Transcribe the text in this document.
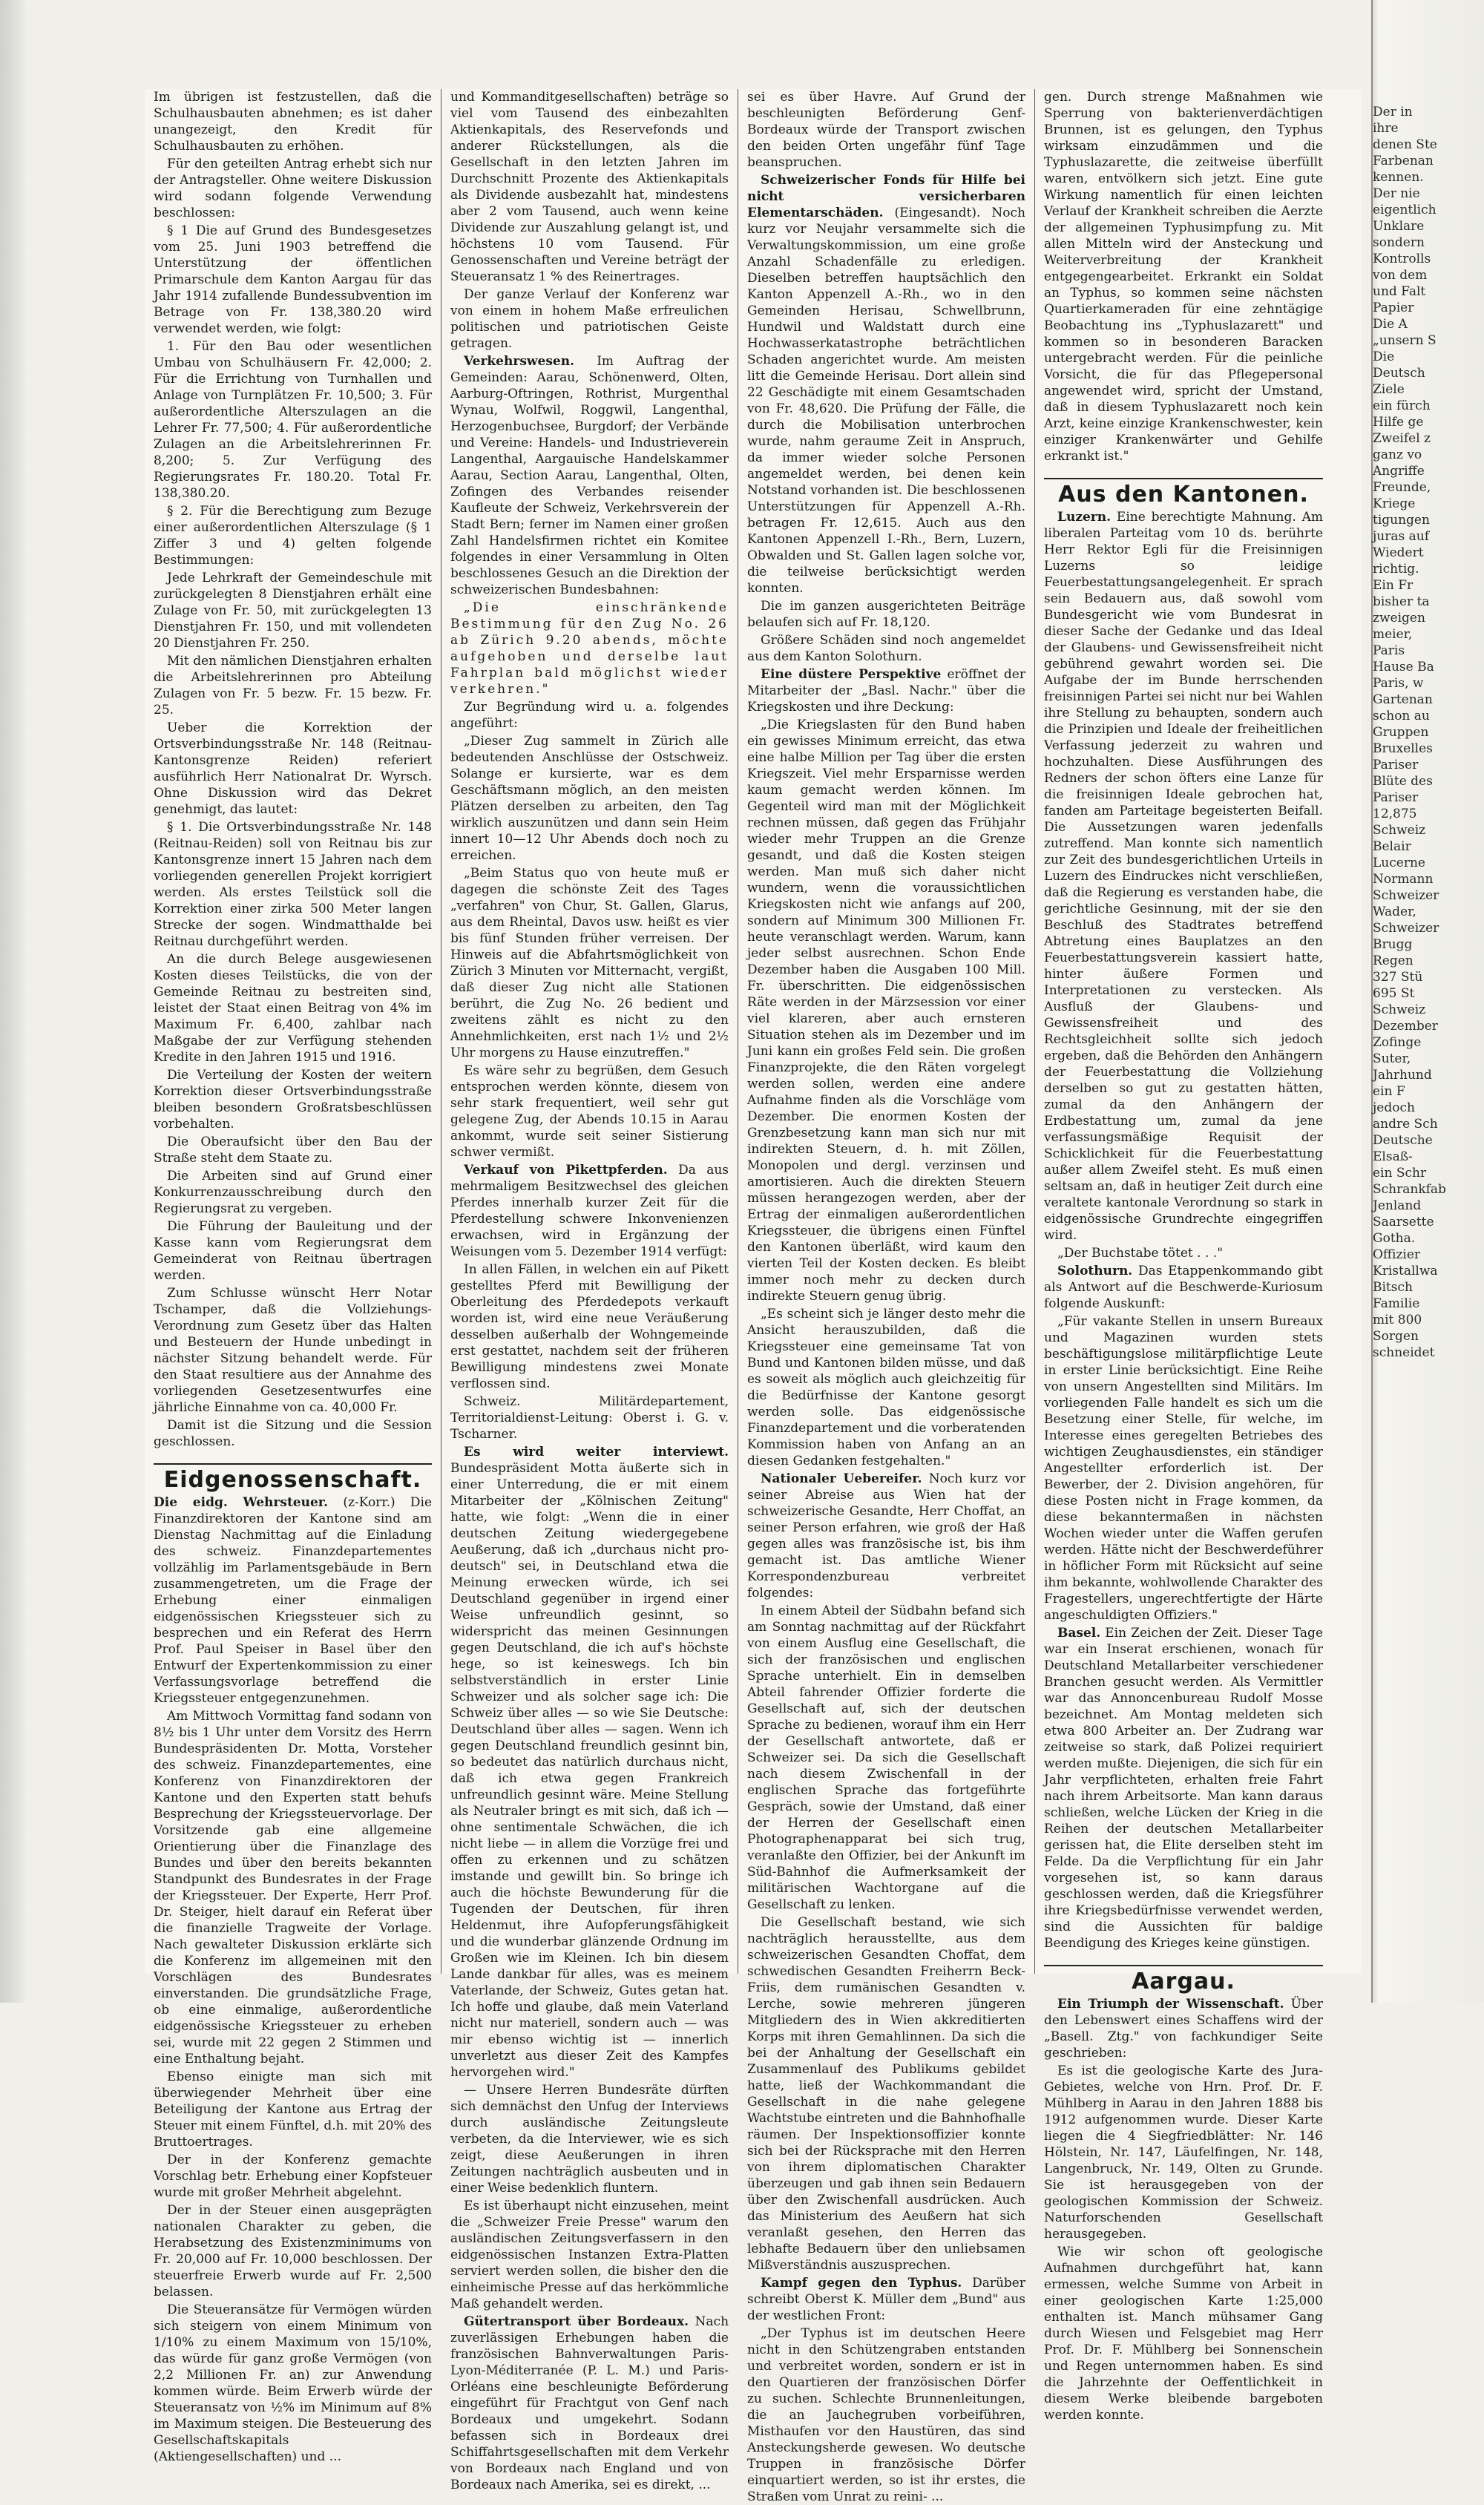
Im übrigen ist festzustellen, daß die Schulhausbauten abnehmen; es ist daher unangezeigt, den Kredit für Schulhausbauten zu erhöhen.

Für den geteilten Antrag erhebt sich nur der Antragsteller. Ohne weitere Diskussion wird sodann folgende Verwendung beschlossen:

§ 1 Die auf Grund des Bundesgesetzes vom 25. Juni 1903 betreffend die Unterstützung der öffentlichen Primarschule dem Kanton Aargau für das Jahr 1914 zufallende Bundessubvention im Betrage von Fr. 138,380.20 wird verwendet werden, wie folgt:

1. Für den Bau oder wesentlichen Umbau von Schulhäusern Fr. 42,000; 2. Für die Errichtung von Turnhallen und Anlage von Turnplätzen Fr. 10,500; 3. Für außerordentliche Alterszulagen an die Lehrer Fr. 77,500; 4. Für außerordentliche Zulagen an die Arbeitslehrerinnen Fr. 8,200; 5. Zur Verfügung des Regierungsrates Fr. 180.20. Total Fr. 138,380.20.

§ 2. Für die Berechtigung zum Bezuge einer außerordentlichen Alterszulage (§ 1 Ziffer 3 und 4) gelten folgende Bestimmungen:

Jede Lehrkraft der Gemeindeschule mit zurückgelegten 8 Dienstjahren erhält eine Zulage von Fr. 50, mit zurückgelegten 13 Dienstjahren Fr. 150, und mit vollendeten 20 Dienstjahren Fr. 250.

Mit den nämlichen Dienstjahren erhalten die Arbeitslehrerinnen pro Abteilung Zulagen von Fr. 5 bezw. Fr. 15 bezw. Fr. 25.

Ueber die Korrektion der Ortsverbindungsstraße Nr. 148 (Reitnau-Kantonsgrenze Reiden) referiert ausführlich Herr Nationalrat Dr. Wyrsch. Ohne Diskussion wird das Dekret genehmigt, das lautet:

§ 1. Die Ortsverbindungsstraße Nr. 148 (Reitnau-Reiden) soll von Reitnau bis zur Kantonsgrenze innert 15 Jahren nach dem vorliegenden generellen Projekt korrigiert werden. Als erstes Teilstück soll die Korrektion einer zirka 500 Meter langen Strecke der sogen. Windmatthalde bei Reitnau durchgeführt werden.

An die durch Belege ausgewiesenen Kosten dieses Teilstücks, die von der Gemeinde Reitnau zu bestreiten sind, leistet der Staat einen Beitrag von 4% im Maximum Fr. 6,400, zahlbar nach Maßgabe der zur Verfügung stehenden Kredite in den Jahren 1915 und 1916.

Die Verteilung der Kosten der weitern Korrektion dieser Ortsverbindungsstraße bleiben besondern Großratsbeschlüssen vorbehalten.

Die Oberaufsicht über den Bau der Straße steht dem Staate zu.

Die Arbeiten sind auf Grund einer Konkurrenzausschreibung durch den Regierungsrat zu vergeben.

Die Führung der Bauleitung und der Kasse kann vom Regierungsrat dem Gemeinderat von Reitnau übertragen werden.

Zum Schlusse wünscht Herr Notar Tschamper, daß die Vollziehungs-Verordnung zum Gesetz über das Halten und Besteuern der Hunde unbedingt in nächster Sitzung behandelt werde. Für den Staat resultiere aus der Annahme des vorliegenden Gesetzesentwurfes eine jährliche Einnahme von ca. 40,000 Fr.

Damit ist die Sitzung und die Session geschlossen.

Eidgenossenschaft.

Die eidg. Wehrsteuer. (z-Korr.) Die Finanzdirektoren der Kantone sind am Dienstag Nachmittag auf die Einladung des schweiz. Finanzdepartementes vollzählig im Parlamentsgebäude in Bern zusammengetreten, um die Frage der Erhebung einer einmaligen eidgenössischen Kriegssteuer sich zu besprechen und ein Referat des Herrn Prof. Paul Speiser in Basel über den Entwurf der Expertenkommission zu einer Verfassungsvorlage betreffend die Kriegssteuer entgegenzunehmen.

Am Mittwoch Vormittag fand sodann von 8½ bis 1 Uhr unter dem Vorsitz des Herrn Bundespräsidenten Dr. Motta, Vorsteher des schweiz. Finanzdepartementes, eine Konferenz von Finanzdirektoren der Kantone und den Experten statt behufs Besprechung der Kriegssteuervorlage. Der Vorsitzende gab eine allgemeine Orientierung über die Finanzlage des Bundes und über den bereits bekannten Standpunkt des Bundesrates in der Frage der Kriegssteuer. Der Experte, Herr Prof. Dr. Steiger, hielt darauf ein Referat über die finanzielle Tragweite der Vorlage. Nach gewalteter Diskussion erklärte sich die Konferenz im allgemeinen mit den Vorschlägen des Bundesrates einverstanden. Die grundsätzliche Frage, ob eine einmalige, außerordentliche eidgenössische Kriegssteuer zu erheben sei, wurde mit 22 gegen 2 Stimmen und eine Enthaltung bejaht.

Ebenso einigte man sich mit überwiegender Mehrheit über eine Beteiligung der Kantone aus Ertrag der Steuer mit einem Fünftel, d.h. mit 20% des Bruttoertrages.

Der in der Konferenz gemachte Vorschlag betr. Erhebung einer Kopfsteuer wurde mit großer Mehrheit abgelehnt.

Der in der Steuer einen ausgeprägten nationalen Charakter zu geben, die Herabsetzung des Existenzminimums von Fr. 20,000 auf Fr. 10,000 beschlossen. Der steuerfreie Erwerb wurde auf Fr. 2,500 belassen.

Die Steueransätze für Vermögen würden sich steigern von einem Minimum von 1/10% zu einem Maximum von 15/10%, das würde für ganz große Vermögen (von 2,2 Millionen Fr. an) zur Anwendung kommen würde. Beim Erwerb würde der Steueransatz von ½% im Minimum auf 8% im Maximum steigen. Die Besteuerung des Gesellschaftskapitals (Aktiengesellschaften) und ...

und Kommanditgesellschaften) beträge so viel vom Tausend des einbezahlten Aktienkapitals, des Reservefonds und anderer Rückstellungen, als die Gesellschaft in den letzten Jahren im Durchschnitt Prozente des Aktienkapitals als Dividende ausbezahlt hat, mindestens aber 2 vom Tausend, auch wenn keine Dividende zur Auszahlung gelangt ist, und höchstens 10 vom Tausend. Für Genossenschaften und Vereine beträgt der Steueransatz 1 % des Reinertrages.

Der ganze Verlauf der Konferenz war von einem in hohem Maße erfreulichen politischen und patriotischen Geiste getragen.

Verkehrswesen. Im Auftrag der Gemeinden: Aarau, Schönenwerd, Olten, Aarburg-Oftringen, Rothrist, Murgenthal Wynau, Wolfwil, Roggwil, Langenthal, Herzogenbuchsee, Burgdorf; der Verbände und Vereine: Handels- und Industrieverein Langenthal, Aargauische Handelskammer Aarau, Section Aarau, Langenthal, Olten, Zofingen des Verbandes reisender Kaufleute der Schweiz, Verkehrsverein der Stadt Bern; ferner im Namen einer großen Zahl Handelsfirmen richtet ein Komitee folgendes in einer Versammlung in Olten beschlossenes Gesuch an die Direktion der schweizerischen Bundesbahnen:

„Die einschränkende Bestimmung für den Zug No. 26 ab Zürich 9.20 abends, möchte aufgehoben und derselbe laut Fahrplan bald möglichst wieder verkehren."

Zur Begründung wird u. a. folgendes angeführt:

„Dieser Zug sammelt in Zürich alle bedeutenden Anschlüsse der Ostschweiz. Solange er kursierte, war es dem Geschäftsmann möglich, an den meisten Plätzen derselben zu arbeiten, den Tag wirklich auszunützen und dann sein Heim innert 10—12 Uhr Abends doch noch zu erreichen.

„Beim Status quo von heute muß er dagegen die schönste Zeit des Tages „verfahren" von Chur, St. Gallen, Glarus, aus dem Rheintal, Davos usw. heißt es vier bis fünf Stunden früher verreisen. Der Hinweis auf die Abfahrtsmöglichkeit von Zürich 3 Minuten vor Mitternacht, vergißt, daß dieser Zug nicht alle Stationen berührt, die Zug No. 26 bedient und zweitens zählt es nicht zu den Annehmlichkeiten, erst nach 1½ und 2½ Uhr morgens zu Hause einzutreffen."

Es wäre sehr zu begrüßen, dem Gesuch entsprochen werden könnte, diesem von sehr stark frequentiert, weil sehr gut gelegene Zug, der Abends 10.15 in Aarau ankommt, wurde seit seiner Sistierung schwer vermißt.

Verkauf von Pikettpferden. Da aus mehrmaligem Besitzwechsel des gleichen Pferdes innerhalb kurzer Zeit für die Pferdestellung schwere Inkonvenienzen erwachsen, wird in Ergänzung der Weisungen vom 5. Dezember 1914 verfügt:

In allen Fällen, in welchen ein auf Pikett gestelltes Pferd mit Bewilligung der Oberleitung des Pferdedepots verkauft worden ist, wird eine neue Veräußerung desselben außerhalb der Wohngemeinde erst gestattet, nachdem seit der früheren Bewilligung mindestens zwei Monate verflossen sind.

Schweiz. Militärdepartement, Territorialdienst-Leitung: Oberst i. G. v. Tscharner.

Es wird weiter interviewt. Bundespräsident Motta äußerte sich in einer Unterredung, die er mit einem Mitarbeiter der „Kölnischen Zeitung" hatte, wie folgt: „Wenn die in einer deutschen Zeitung wiedergegebene Aeußerung, daß ich „durchaus nicht pro-deutsch" sei, in Deutschland etwa die Meinung erwecken würde, ich sei Deutschland gegenüber in irgend einer Weise unfreundlich gesinnt, so widerspricht das meinen Gesinnungen gegen Deutschland, die ich auf's höchste hege, so ist keineswegs. Ich bin selbstverständlich in erster Linie Schweizer und als solcher sage ich: Die Schweiz über alles — so wie Sie Deutsche: Deutschland über alles — sagen. Wenn ich gegen Deutschland freundlich gesinnt bin, so bedeutet das natürlich durchaus nicht, daß ich etwa gegen Frankreich unfreundlich gesinnt wäre. Meine Stellung als Neutraler bringt es mit sich, daß ich — ohne sentimentale Schwächen, die ich nicht liebe — in allem die Vorzüge frei und offen zu erkennen und zu schätzen imstande und gewillt bin. So bringe ich auch die höchste Bewunderung für die Tugenden der Deutschen, für ihren Heldenmut, ihre Aufopferungsfähigkeit und die wunderbar glänzende Ordnung im Großen wie im Kleinen. Ich bin diesem Lande dankbar für alles, was es meinem Vaterlande, der Schweiz, Gutes getan hat. Ich hoffe und glaube, daß mein Vaterland nicht nur materiell, sondern auch — was mir ebenso wichtig ist — innerlich unverletzt aus dieser Zeit des Kampfes hervorgehen wird."

— Unsere Herren Bundesräte dürften sich demnächst den Unfug der Interviews durch ausländische Zeitungsleute verbeten, da die Interviewer, wie es sich zeigt, diese Aeußerungen in ihren Zeitungen nachträglich ausbeuten und in einer Weise bedenklich fluntern.

Es ist überhaupt nicht einzusehen, meint die „Schweizer Freie Presse" warum den ausländischen Zeitungsverfassern in den eidgenössischen Instanzen Extra-Platten serviert werden sollen, die bisher den die einheimische Presse auf das herkömmliche Maß gehandelt werden.

Gütertransport über Bordeaux. Nach zuverlässigen Erhebungen haben die französischen Bahnverwaltungen Paris-Lyon-Méditerranée (P. L. M.) und Paris-Orléans eine beschleunigte Beförderung eingeführt für Frachtgut von Genf nach Bordeaux und umgekehrt. Sodann befassen sich in Bordeaux drei Schiffahrtsgesellschaften mit dem Verkehr von Bordeaux nach England und von Bordeaux nach Amerika, sei es direkt, ...

sei es über Havre. Auf Grund der beschleunigten Beförderung Genf-Bordeaux würde der Transport zwischen den beiden Orten ungefähr fünf Tage beanspruchen.

Schweizerischer Fonds für Hilfe bei nicht versicherbaren Elementarschäden. (Eingesandt). Noch kurz vor Neujahr versammelte sich die Verwaltungskommission, um eine große Anzahl Schadenfälle zu erledigen. Dieselben betreffen hauptsächlich den Kanton Appenzell A.-Rh., wo in den Gemeinden Herisau, Schwellbrunn, Hundwil und Waldstatt durch eine Hochwasserkatastrophe beträchtlichen Schaden angerichtet wurde. Am meisten litt die Gemeinde Herisau. Dort allein sind 22 Geschädigte mit einem Gesamtschaden von Fr. 48,620. Die Prüfung der Fälle, die durch die Mobilisation unterbrochen wurde, nahm geraume Zeit in Anspruch, da immer wieder solche Personen angemeldet werden, bei denen kein Notstand vorhanden ist. Die beschlossenen Unterstützungen für Appenzell A.-Rh. betragen Fr. 12,615. Auch aus den Kantonen Appenzell I.-Rh., Bern, Luzern, Obwalden und St. Gallen lagen solche vor, die teilweise berücksichtigt werden konnten.

Die im ganzen ausgerichteten Beiträge belaufen sich auf Fr. 18,120.

Größere Schäden sind noch angemeldet aus dem Kanton Solothurn.

Eine düstere Perspektive eröffnet der Mitarbeiter der „Basl. Nachr." über die Kriegskosten und ihre Deckung:

„Die Kriegslasten für den Bund haben ein gewisses Minimum erreicht, das etwa eine halbe Million per Tag über die ersten Kriegszeit. Viel mehr Ersparnisse werden kaum gemacht werden können. Im Gegenteil wird man mit der Möglichkeit rechnen müssen, daß gegen das Frühjahr wieder mehr Truppen an die Grenze gesandt, und daß die Kosten steigen werden. Man muß sich daher nicht wundern, wenn die voraussichtlichen Kriegskosten nicht wie anfangs auf 200, sondern auf Minimum 300 Millionen Fr. heute veranschlagt werden. Warum, kann jeder selbst ausrechnen. Schon Ende Dezember haben die Ausgaben 100 Mill. Fr. überschritten. Die eidgenössischen Räte werden in der Märzsession vor einer viel klareren, aber auch ernsteren Situation stehen als im Dezember und im Juni kann ein großes Feld sein. Die großen Finanzprojekte, die den Räten vorgelegt werden sollen, werden eine andere Aufnahme finden als die Vorschläge vom Dezember. Die enormen Kosten der Grenzbesetzung kann man sich nur mit indirekten Steuern, d. h. mit Zöllen, Monopolen und dergl. verzinsen und amortisieren. Auch die direkten Steuern müssen herangezogen werden, aber der Ertrag der einmaligen außerordentlichen Kriegssteuer, die übrigens einen Fünftel den Kantonen überläßt, wird kaum den vierten Teil der Kosten decken. Es bleibt immer noch mehr zu decken durch indirekte Steuern genug übrig.

„Es scheint sich je länger desto mehr die Ansicht herauszubilden, daß die Kriegssteuer eine gemeinsame Tat von Bund und Kantonen bilden müsse, und daß es soweit als möglich auch gleichzeitig für die Bedürfnisse der Kantone gesorgt werden solle. Das eidgenössische Finanzdepartement und die vorberatenden Kommission haben von Anfang an an diesen Gedanken festgehalten."

Nationaler Uebereifer. Noch kurz vor seiner Abreise aus Wien hat der schweizerische Gesandte, Herr Choffat, an seiner Person erfahren, wie groß der Haß gegen alles was französische ist, bis ihm gemacht ist. Das amtliche Wiener Korrespondenzbureau verbreitet folgendes:

In einem Abteil der Südbahn befand sich am Sonntag nachmittag auf der Rückfahrt von einem Ausflug eine Gesellschaft, die sich der französischen und englischen Sprache unterhielt. Ein in demselben Abteil fahrender Offizier forderte die Gesellschaft auf, sich der deutschen Sprache zu bedienen, worauf ihm ein Herr der Gesellschaft antwortete, daß er Schweizer sei. Da sich die Gesellschaft nach diesem Zwischenfall in der englischen Sprache das fortgeführte Gespräch, sowie der Umstand, daß einer der Herren der Gesellschaft einen Photographenapparat bei sich trug, veranlaßte den Offizier, bei der Ankunft im Süd-Bahnhof die Aufmerksamkeit der militärischen Wachtorgane auf die Gesellschaft zu lenken.

Die Gesellschaft bestand, wie sich nachträglich herausstellte, aus dem schweizerischen Gesandten Choffat, dem schwedischen Gesandten Freiherrn Beck-Friis, dem rumänischen Gesandten v. Lerche, sowie mehreren jüngeren Mitgliedern des in Wien akkreditierten Korps mit ihren Gemahlinnen. Da sich die bei der Anhaltung der Gesellschaft ein Zusammenlauf des Publikums gebildet hatte, ließ der Wachkommandant die Gesellschaft in die nahe gelegene Wachtstube eintreten und die Bahnhofhalle räumen. Der Inspektionsoffizier konnte sich bei der Rücksprache mit den Herren von ihrem diplomatischen Charakter überzeugen und gab ihnen sein Bedauern über den Zwischenfall ausdrücken. Auch das Ministerium des Aeußern hat sich veranlaßt gesehen, den Herren das lebhafte Bedauern über den unliebsamen Mißverständnis auszusprechen.

Kampf gegen den Typhus. Darüber schreibt Oberst K. Müller dem „Bund" aus der westlichen Front:

„Der Typhus ist im deutschen Heere nicht in den Schützengraben entstanden und verbreitet worden, sondern er ist in den Quartieren der französischen Dörfer zu suchen. Schlechte Brunnenleitungen, die an Jauchegruben vorbeiführen, Misthaufen vor den Haustüren, das sind Ansteckungsherde gewesen. Wo deutsche Truppen in französische Dörfer einquartiert werden, so ist ihr erstes, die Straßen vom Unrat zu reini- ...

gen. Durch strenge Maßnahmen wie Sperrung von bakterienverdächtigen Brunnen, ist es gelungen, den Typhus wirksam einzudämmen und die Typhuslazarette, die zeitweise überfüllt waren, entvölkern sich jetzt. Eine gute Wirkung namentlich für einen leichten Verlauf der Krankheit schreiben die Aerzte der allgemeinen Typhusimpfung zu. Mit allen Mitteln wird der Ansteckung und Weiterverbreitung der Krankheit entgegengearbeitet. Erkrankt ein Soldat an Typhus, so kommen seine nächsten Quartierkameraden für eine zehntägige Beobachtung ins „Typhuslazarett" und kommen so in besonderen Baracken untergebracht werden. Für die peinliche Vorsicht, die für das Pflegepersonal angewendet wird, spricht der Umstand, daß in diesem Typhuslazarett noch kein Arzt, keine einzige Krankenschwester, kein einziger Krankenwärter und Gehilfe erkrankt ist."

Aus den Kantonen.

Luzern. Eine berechtigte Mahnung. Am liberalen Parteitag vom 10 ds. berührte Herr Rektor Egli für die Freisinnigen Luzerns so leidige Feuerbestattungsangelegenheit. Er sprach sein Bedauern aus, daß sowohl vom Bundesgericht wie vom Bundesrat in dieser Sache der Gedanke und das Ideal der Glaubens- und Gewissensfreiheit nicht gebührend gewahrt worden sei. Die Aufgabe der im Bunde herrschenden freisinnigen Partei sei nicht nur bei Wahlen ihre Stellung zu behaupten, sondern auch die Prinzipien und Ideale der freiheitlichen Verfassung jederzeit zu wahren und hochzuhalten. Diese Ausführungen des Redners der schon öfters eine Lanze für die freisinnigen Ideale gebrochen hat, fanden am Parteitage begeisterten Beifall. Die Aussetzungen waren jedenfalls zutreffend. Man konnte sich namentlich zur Zeit des bundesgerichtlichen Urteils in Luzern des Eindruckes nicht verschließen, daß die Regierung es verstanden habe, die gerichtliche Gesinnung, mit der sie den Beschluß des Stadtrates betreffend Abtretung eines Bauplatzes an den Feuerbestattungsverein kassiert hatte, hinter äußere Formen und Interpretationen zu verstecken. Als Ausfluß der Glaubens- und Gewissensfreiheit und des Rechtsgleichheit sollte sich jedoch ergeben, daß die Behörden den Anhängern der Feuerbestattung die Vollziehung derselben so gut zu gestatten hätten, zumal da den Anhängern der Erdbestattung um, zumal da jene verfassungsmäßige Requisit der Schicklichkeit für die Feuerbestattung außer allem Zweifel steht. Es muß einen seltsam an, daß in heutiger Zeit durch eine veraltete kantonale Verordnung so stark in eidgenössische Grundrechte eingegriffen wird.

„Der Buchstabe tötet . . ."

Solothurn. Das Etappenkommando gibt als Antwort auf die Beschwerde-Kuriosum folgende Auskunft:

„Für vakante Stellen in unsern Bureaux und Magazinen wurden stets beschäftigungslose militärpflichtige Leute in erster Linie berücksichtigt. Eine Reihe von unsern Angestellten sind Militärs. Im vorliegenden Falle handelt es sich um die Besetzung einer Stelle, für welche, im Interesse eines geregelten Betriebes des wichtigen Zeughausdienstes, ein ständiger Angestellter erforderlich ist. Der Bewerber, der 2. Division angehören, für diese Posten nicht in Frage kommen, da diese bekanntermaßen in nächsten Wochen wieder unter die Waffen gerufen werden. Hätte nicht der Beschwerdeführer in höflicher Form mit Rücksicht auf seine ihm bekannte, wohlwollende Charakter des Fragestellers, ungerechtfertigte der Härte angeschuldigten Offiziers."

Basel. Ein Zeichen der Zeit. Dieser Tage war ein Inserat erschienen, wonach für Deutschland Metallarbeiter verschiedener Branchen gesucht werden. Als Vermittler war das Annoncenbureau Rudolf Mosse bezeichnet. Am Montag meldeten sich etwa 800 Arbeiter an. Der Zudrang war zeitweise so stark, daß Polizei requiriert werden mußte. Diejenigen, die sich für ein Jahr verpflichteten, erhalten freie Fahrt nach ihrem Arbeitsorte. Man kann daraus schließen, welche Lücken der Krieg in die Reihen der deutschen Metallarbeiter gerissen hat, die Elite derselben steht im Felde. Da die Verpflichtung für ein Jahr vorgesehen ist, so kann daraus geschlossen werden, daß die Kriegsführer ihre Kriegsbedürfnisse verwendet werden, sind die Aussichten für baldige Beendigung des Krieges keine günstigen.

Aargau.

Ein Triumph der Wissenschaft. Über den Lebenswert eines Schaffens wird der „Basell. Ztg." von fachkundiger Seite geschrieben:

Es ist die geologische Karte des Jura-Gebietes, welche von Hrn. Prof. Dr. F. Mühlberg in Aarau in den Jahren 1888 bis 1912 aufgenommen wurde. Dieser Karte liegen die 4 Siegfriedblätter: Nr. 146 Hölstein, Nr. 147, Läufelfingen, Nr. 148, Langenbruck, Nr. 149, Olten zu Grunde. Sie ist herausgegeben von der geologischen Kommission der Schweiz. Naturforschenden Gesellschaft herausgegeben.

Wie wir schon oft geologische Aufnahmen durchgeführt hat, kann ermessen, welche Summe von Arbeit in einer geologischen Karte 1:25,000 enthalten ist. Manch mühsamer Gang durch Wiesen und Felsgebiet mag Herr Prof. Dr. F. Mühlberg bei Sonnenschein und Regen unternommen haben. Es sind die Jahrzehnte der Oeffentlichkeit in diesem Werke bleibende bargeboten werden konnte.

Der in
ihre
denen Ste
Farbenan
kennen.
Der nie
eigentlich
Unklare
sondern
Kontrolls
von dem
und Falt
Papier
Die A
„unsern S
Die
Deutsch
Ziele
ein fürch
Hilfe ge
Zweifel z
ganz vo
Angriffe
Freunde,
Kriege
tigungen
juras auf
Wiedert
richtig.
Ein Fr
bisher ta
zweigen
meier,
Paris
Hause Ba
Paris, w
Gartenan
schon au
Gruppen
Bruxelles
Pariser
Blüte des
Pariser
12,875
Schweiz
Belair
Lucerne
Normann
Schweizer
Wader,
Schweizer
Brugg
Regen
327 Stü
695 St
Schweiz
Dezember
Zofinge
Suter,
Jahrhund
ein F
jedoch
andre Sch
Deutsche
Elsaß-
ein Schr
Schrankfab
Jenland
Saarsette
Gotha.
Offizier
Kristallwa
Bitsch
Familie
mit 800
Sorgen
schneidet
